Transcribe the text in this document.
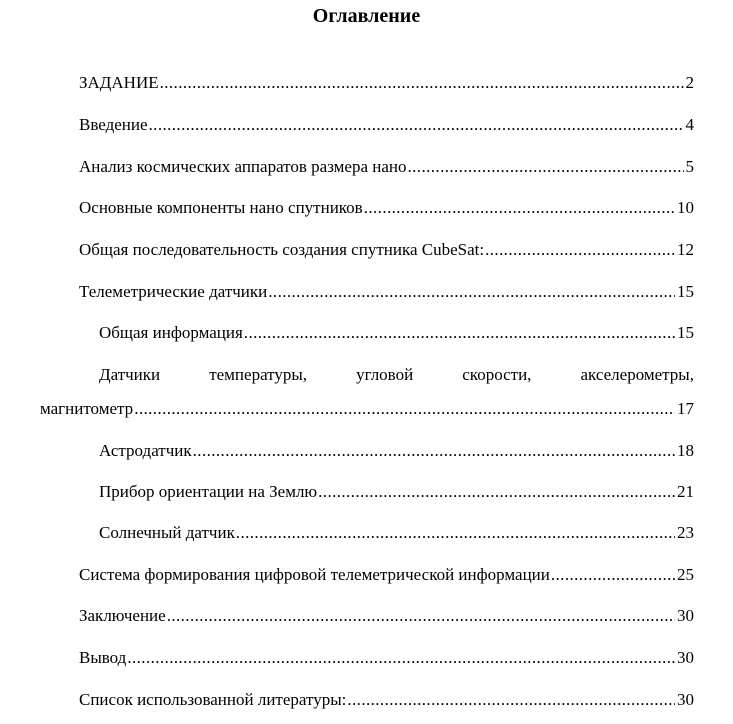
Оглавление
ЗАДАНИЕ .....	2
Введение .....	4
Анализ космических аппаратов размера нано .....	5
Основные компоненты нано спутников .....	10
Общая последовательность создания спутника CubeSat: .....	12
Телеметрические датчики .....	15
Общая информация .....	15
Датчики	температуры,	угловой	скорости,	акселерометры,
магнитометр .....	17
Астродатчик .....	18
Прибор ориентации на Землю .....	21
Солнечный датчик .....	23
Система формирования цифровой телеметрической информации .....	25
Заключение .....	30
Вывод .....	30
Список использованной литературы: .....	30
